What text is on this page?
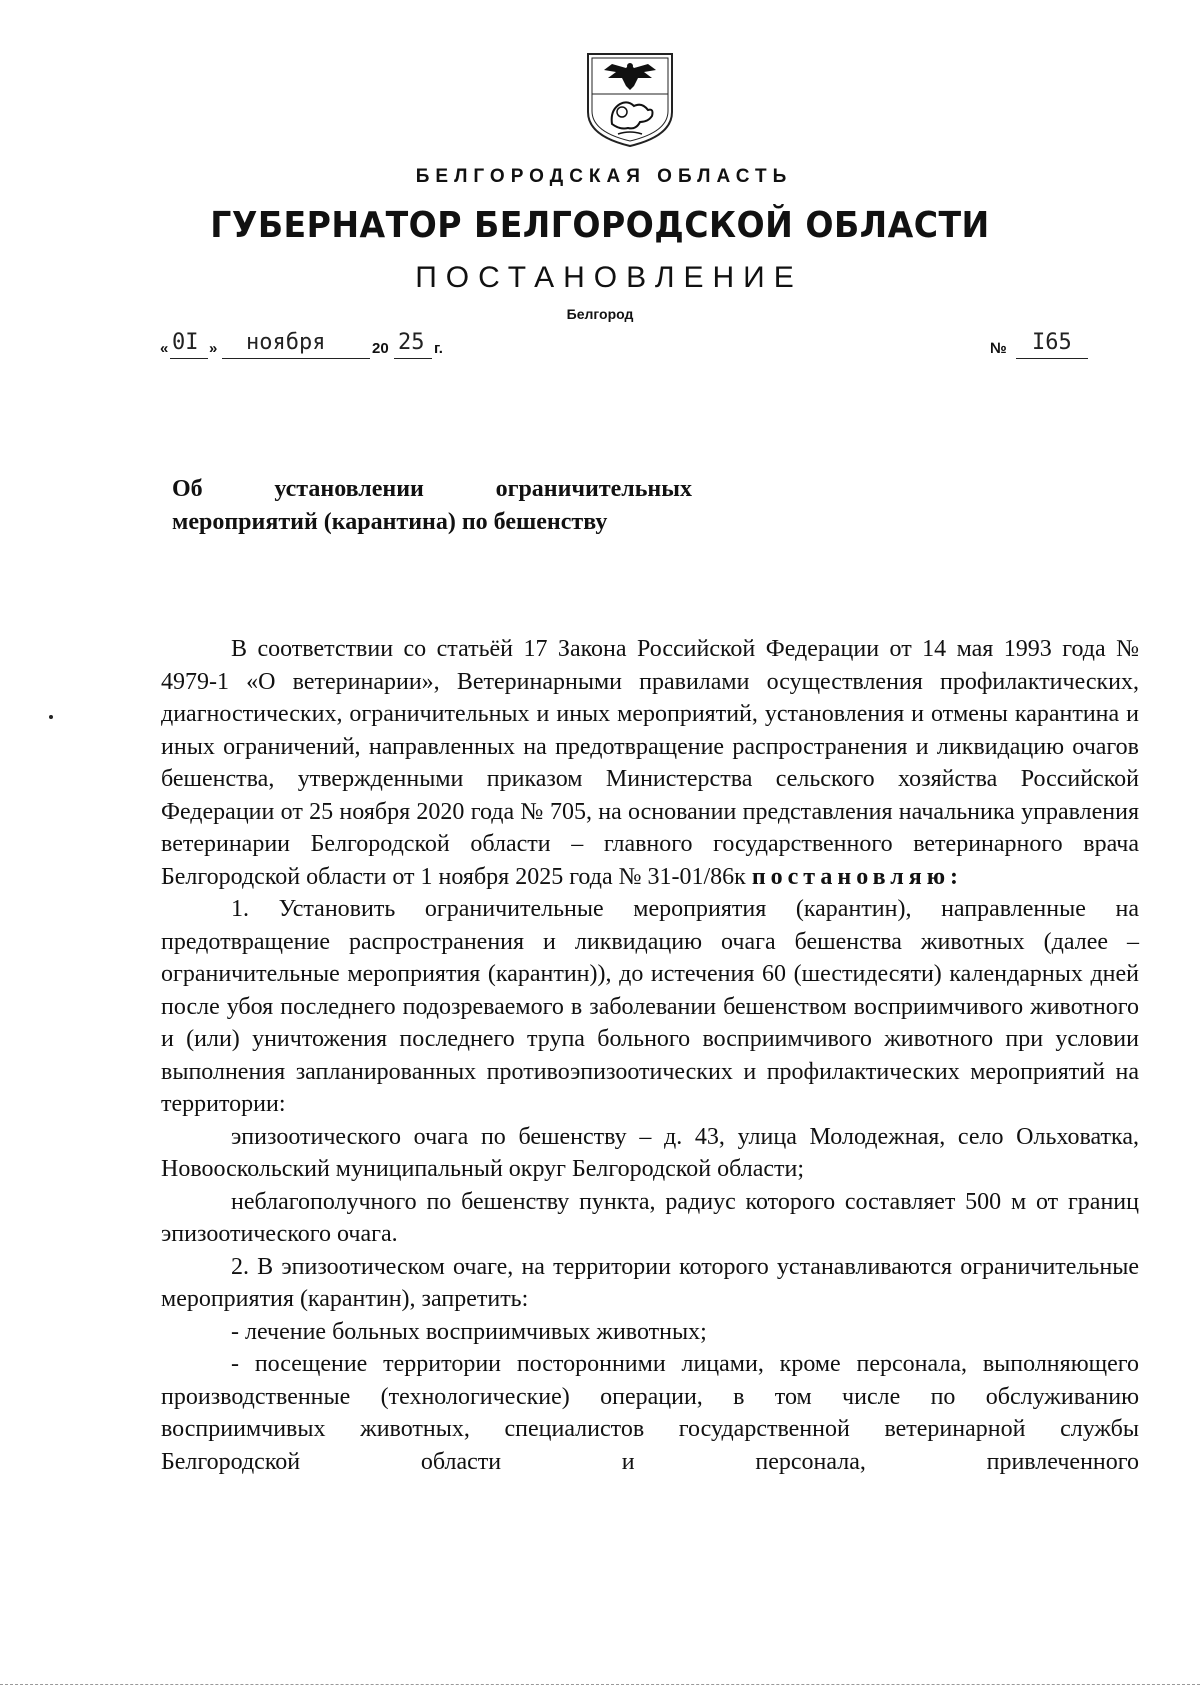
БЕЛГОРОДСКАЯ ОБЛАСТЬ
ГУБЕРНАТОР БЕЛГОРОДСКОЙ ОБЛАСТИ
ПОСТАНОВЛЕНИЕ
Белгород
« 0I » ноября	20 25 г.	№ I65
Об	установлении	ограничительных
мероприятий (карантина) по бешенству

В соответствии со статьёй 17 Закона Российской Федерации от 14 мая 1993 года № 4979-1 «О ветеринарии», Ветеринарными правилами осуществления профилактических, диагностических, ограничительных и иных мероприятий, установления и отмены карантина и иных ограничений, направленных на предотвращение распространения и ликвидацию очагов бешенства, утвержденными приказом Министерства сельского хозяйства Российской Федерации от 25 ноября 2020 года № 705, на основании представления начальника управления ветеринарии Белгородской области – главного государственного ветеринарного врача Белгородской области от 1 ноября 2025 года № 31-01/86к постановляю:

1. Установить ограничительные мероприятия (карантин), направленные на предотвращение распространения и ликвидацию очага бешенства животных (далее – ограничительные мероприятия (карантин)), до истечения 60 (шестидесяти) календарных дней после убоя последнего подозреваемого в заболевании бешенством восприимчивого животного и (или) уничтожения последнего трупа больного восприимчивого животного при условии выполнения запланированных противоэпизоотических и профилактических мероприятий на территории:

эпизоотического очага по бешенству – д. 43, улица Молодежная, село Ольховатка, Новооскольский муниципальный округ Белгородской области;

неблагополучного по бешенству пункта, радиус которого составляет 500 м от границ эпизоотического очага.

2. В эпизоотическом очаге, на территории которого устанавливаются ограничительные мероприятия (карантин), запретить:

- лечение больных восприимчивых животных;

- посещение территории посторонними лицами, кроме персонала, выполняющего производственные (технологические) операции, в том числе по обслуживанию восприимчивых животных, специалистов государственной ветеринарной службы Белгородской области и персонала, привлеченного
